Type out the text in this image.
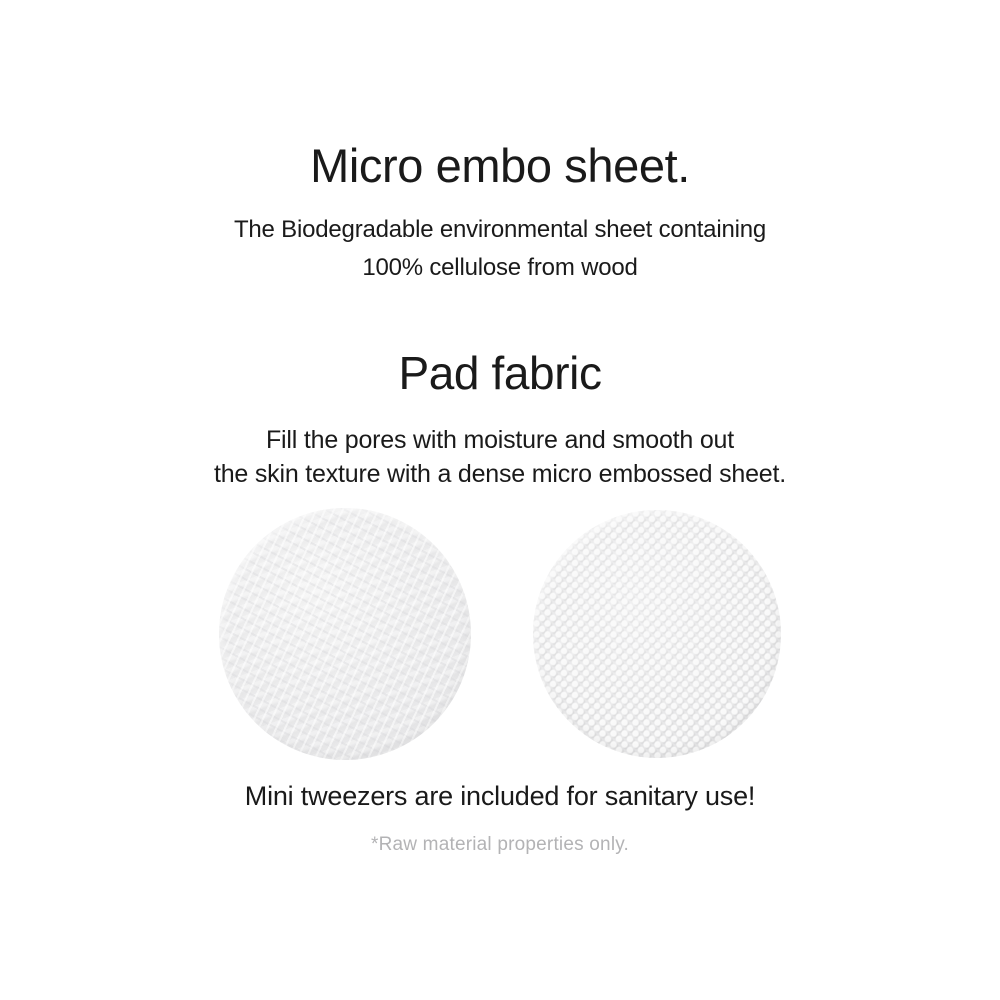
Micro embo sheet.
The Biodegradable environmental sheet containing
100% cellulose from wood
Pad fabric
Fill the pores with moisture and smooth out
the skin texture with a dense micro embossed sheet.
Mini tweezers are included for sanitary use!
*Raw material properties only.
